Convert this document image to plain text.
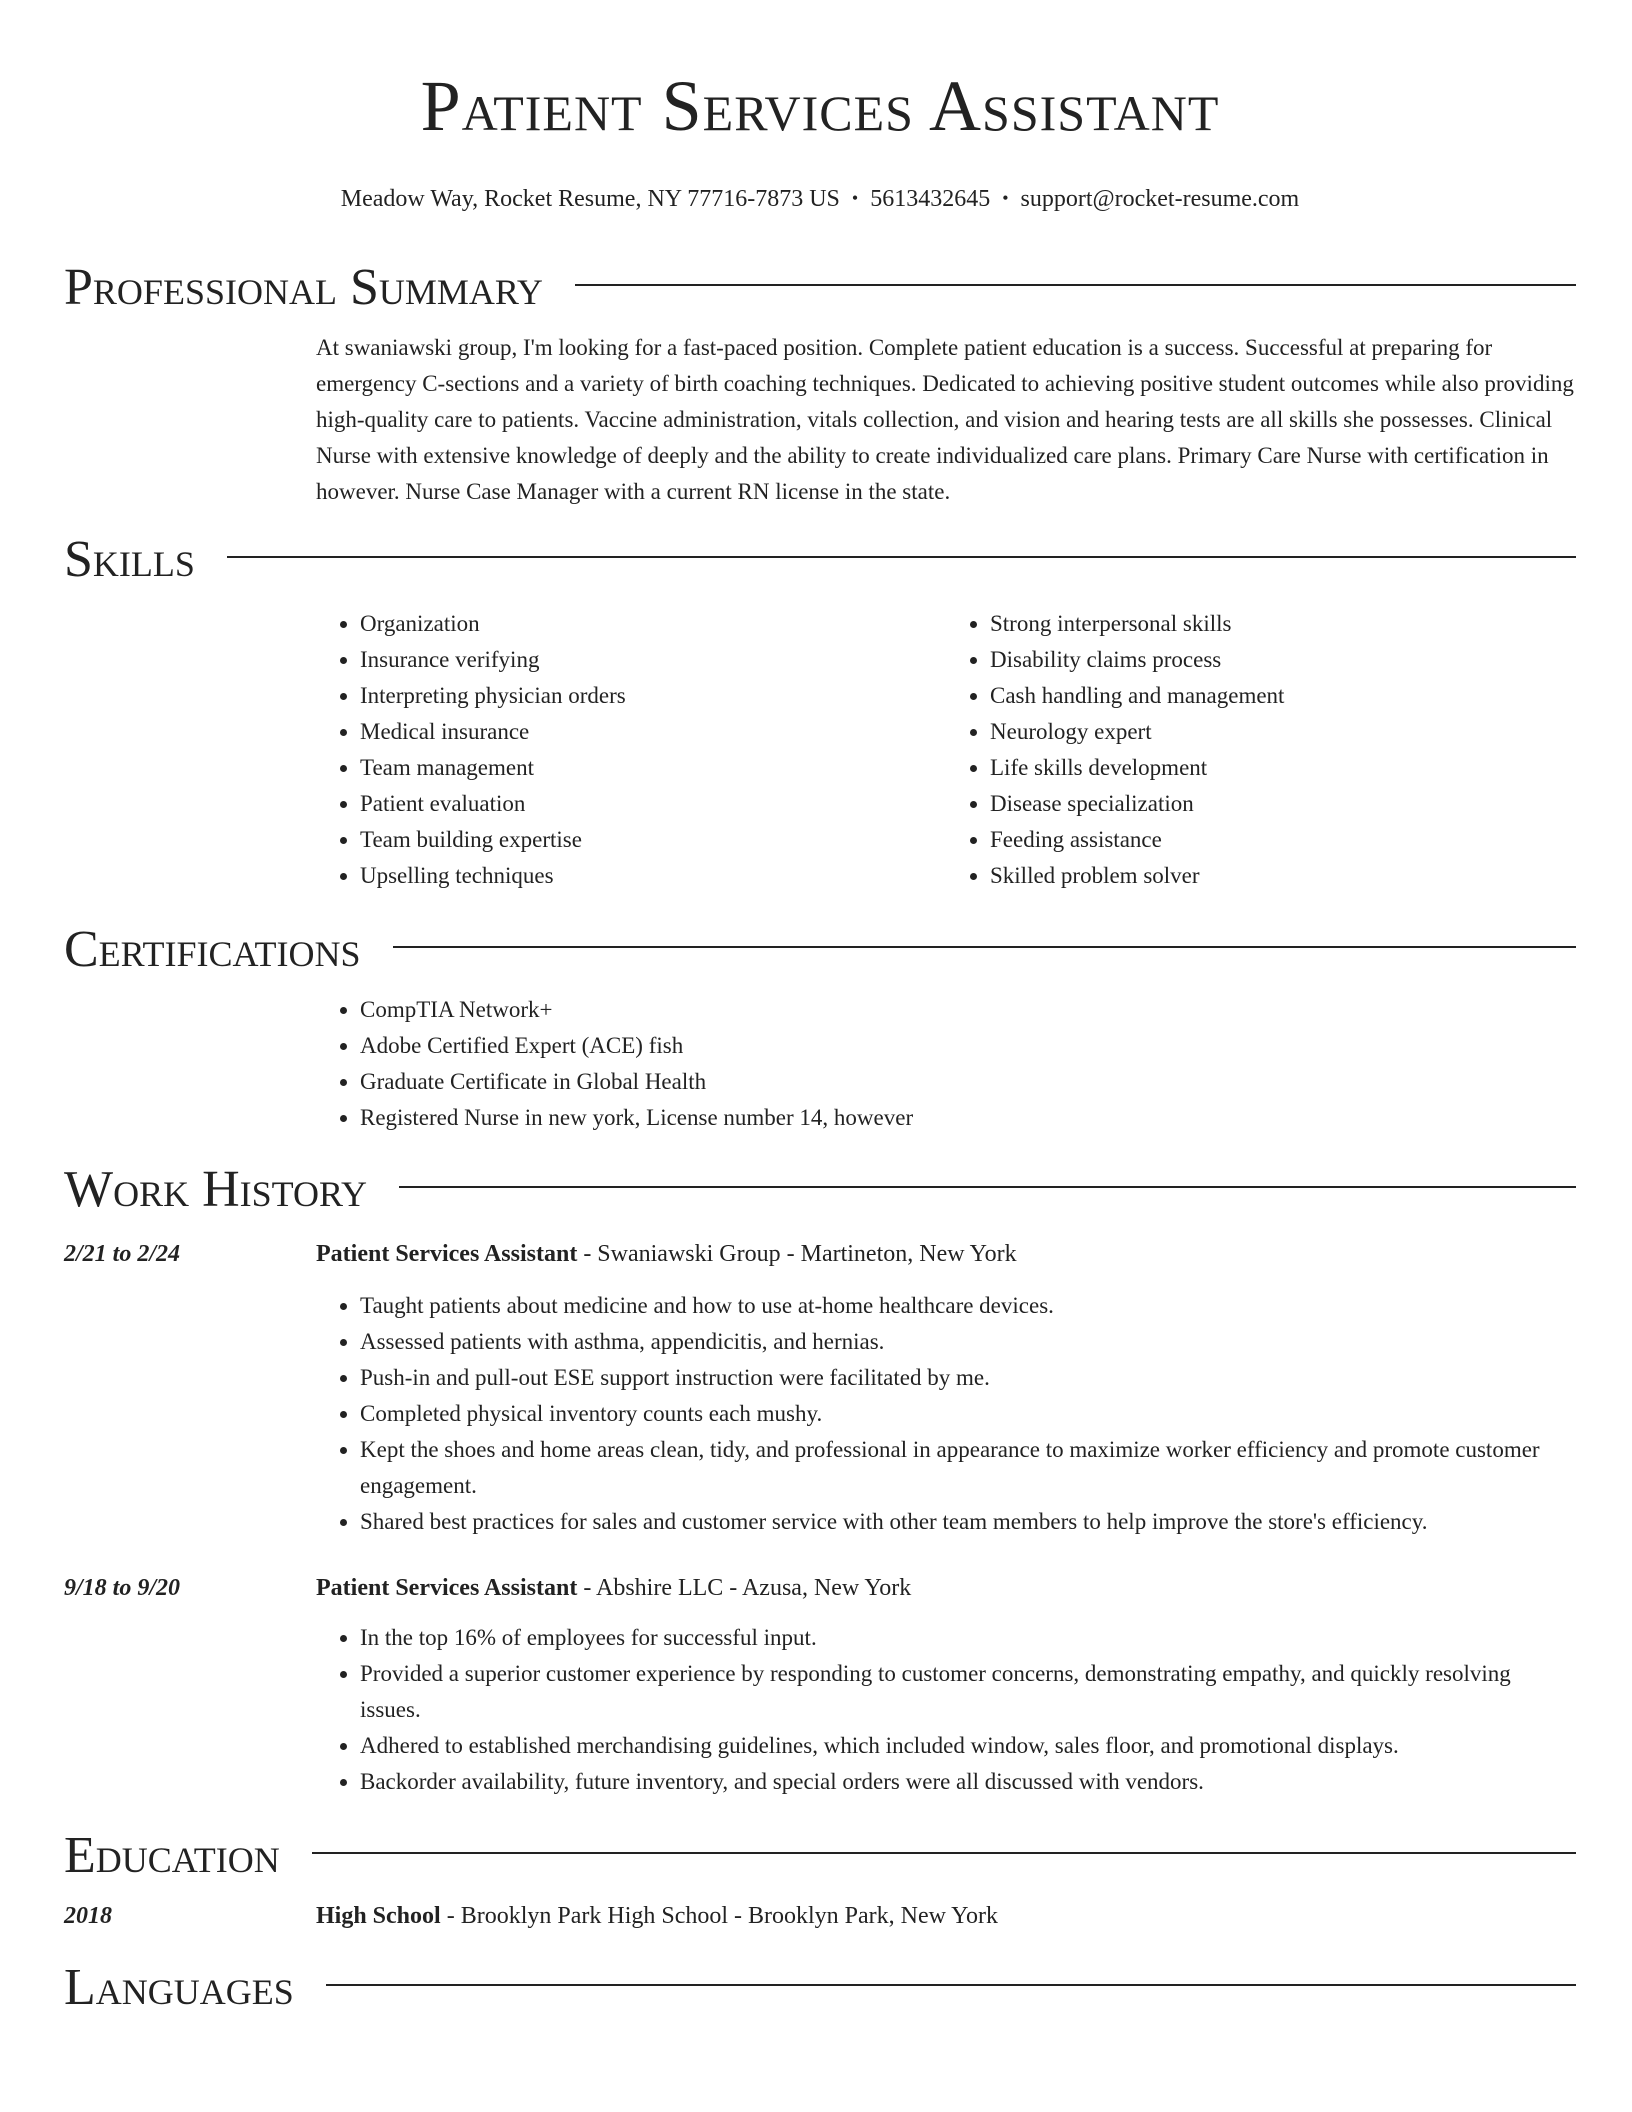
Patient Services Assistant
Meadow Way, Rocket Resume, NY 77716-7873 US • 5613432645 • support@rocket-resume.com
Professional Summary
At swaniawski group, I'm looking for a fast-paced position. Complete patient education is a success. Successful at preparing for emergency C-sections and a variety of birth coaching techniques. Dedicated to achieving positive student outcomes while also providing high-quality care to patients. Vaccine administration, vitals collection, and vision and hearing tests are all skills she possesses. Clinical Nurse with extensive knowledge of deeply and the ability to create individualized care plans. Primary Care Nurse with certification in however. Nurse Case Manager with a current RN license in the state.
Skills
• Organization
• Insurance verifying
• Interpreting physician orders
• Medical insurance
• Team management
• Patient evaluation
• Team building expertise
• Upselling techniques
• Strong interpersonal skills
• Disability claims process
• Cash handling and management
• Neurology expert
• Life skills development
• Disease specialization
• Feeding assistance
• Skilled problem solver
Certifications
• CompTIA Network+
• Adobe Certified Expert (ACE) fish
• Graduate Certificate in Global Health
• Registered Nurse in new york, License number 14, however
Work History
2/21 to 2/24	Patient Services Assistant - Swaniawski Group - Martineton, New York
• Taught patients about medicine and how to use at-home healthcare devices.
• Assessed patients with asthma, appendicitis, and hernias.
• Push-in and pull-out ESE support instruction were facilitated by me.
• Completed physical inventory counts each mushy.
• Kept the shoes and home areas clean, tidy, and professional in appearance to maximize worker efficiency and promote customer engagement.
• Shared best practices for sales and customer service with other team members to help improve the store's efficiency.
9/18 to 9/20	Patient Services Assistant - Abshire LLC - Azusa, New York
• In the top 16% of employees for successful input.
• Provided a superior customer experience by responding to customer concerns, demonstrating empathy, and quickly resolving issues.
• Adhered to established merchandising guidelines, which included window, sales floor, and promotional displays.
• Backorder availability, future inventory, and special orders were all discussed with vendors.
Education
2018	High School - Brooklyn Park High School - Brooklyn Park, New York
Languages
